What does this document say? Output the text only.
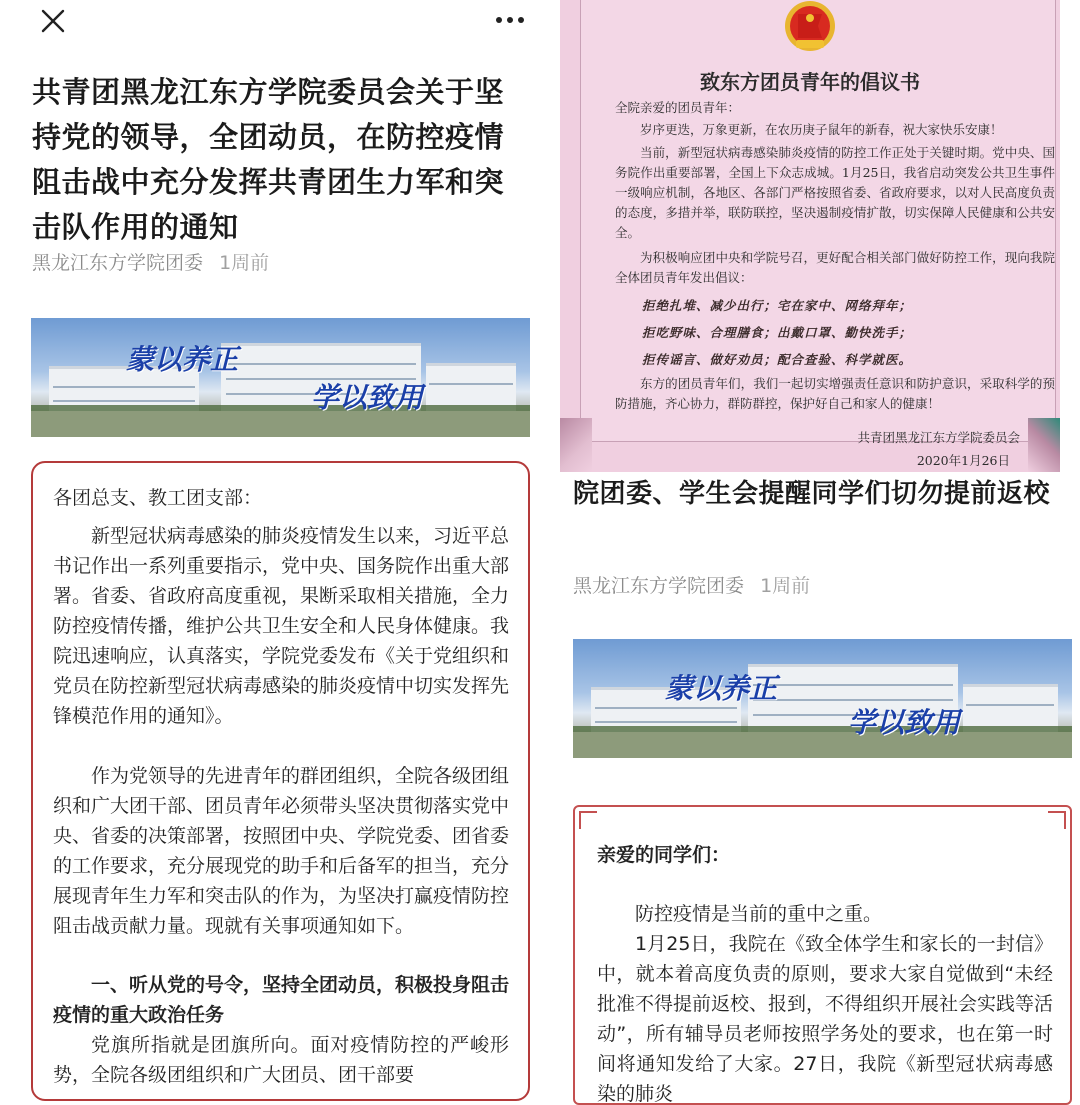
共青团黑龙江东方学院委员会关于坚持党的领导，全团动员，在防控疫情阻击战中充分发挥共青团生力军和突击队作用的通知
黑龙江东方学院团委 1周前
蒙以养正
学以致用
各团总支、教工团支部：
新型冠状病毒感染的肺炎疫情发生以来，习近平总书记作出一系列重要指示，党中央、国务院作出重大部署。省委、省政府高度重视，果断采取相关措施，全力防控疫情传播，维护公共卫生安全和人民身体健康。我院迅速响应，认真落实，学院党委发布《关于党组织和党员在防控新型冠状病毒感染的肺炎疫情中切实发挥先锋模范作用的通知》。
作为党领导的先进青年的群团组织，全院各级团组织和广大团干部、团员青年必须带头坚决贯彻落实党中央、省委的决策部署，按照团中央、学院党委、团省委的工作要求，充分展现党的助手和后备军的担当，充分展现青年生力军和突击队的作为，为坚决打赢疫情防控阻击战贡献力量。现就有关事项通知如下。
一、听从党的号令，坚持全团动员，积极投身阻击疫情的重大政治任务
党旗所指就是团旗所向。面对疫情防控的严峻形势，全院各级团组织和广大团员、团干部要
致东方团员青年的倡议书
全院亲爱的团员青年：
岁序更迭，万象更新，在农历庚子鼠年的新春，祝大家快乐安康！
当前，新型冠状病毒感染肺炎疫情的防控工作正处于关键时期。党中央、国务院作出重要部署，全国上下众志成城。1月25日，我省启动突发公共卫生事件一级响应机制，各地区、各部门严格按照省委、省政府要求，以对人民高度负责的态度，多措并举，联防联控，坚决遏制疫情扩散，切实保障人民健康和公共安全。
为积极响应团中央和学院号召，更好配合相关部门做好防控工作，现向我院全体团员青年发出倡议：
拒绝扎堆、减少出行；宅在家中、网络拜年；
拒吃野味、合理膳食；出戴口罩、勤快洗手；
拒传谣言、做好劝员；配合查验、科学就医。
东方的团员青年们，我们一起切实增强责任意识和防护意识，采取科学的预防措施，齐心协力，群防群控，保护好自己和家人的健康！
共青团黑龙江东方学院委员会
2020年1月26日
院团委、学生会提醒同学们切勿提前返校
黑龙江东方学院团委 1周前
蒙以养正
学以致用
亲爱的同学们：
防控疫情是当前的重中之重。
1月25日，我院在《致全体学生和家长的一封信》中，就本着高度负责的原则，要求大家自觉做到“未经批准不得提前返校、报到，不得组织开展社会实践等活动”，所有辅导员老师按照学务处的要求，也在第一时间将通知发给了大家。27日，我院《新型冠状病毒感染的肺炎
